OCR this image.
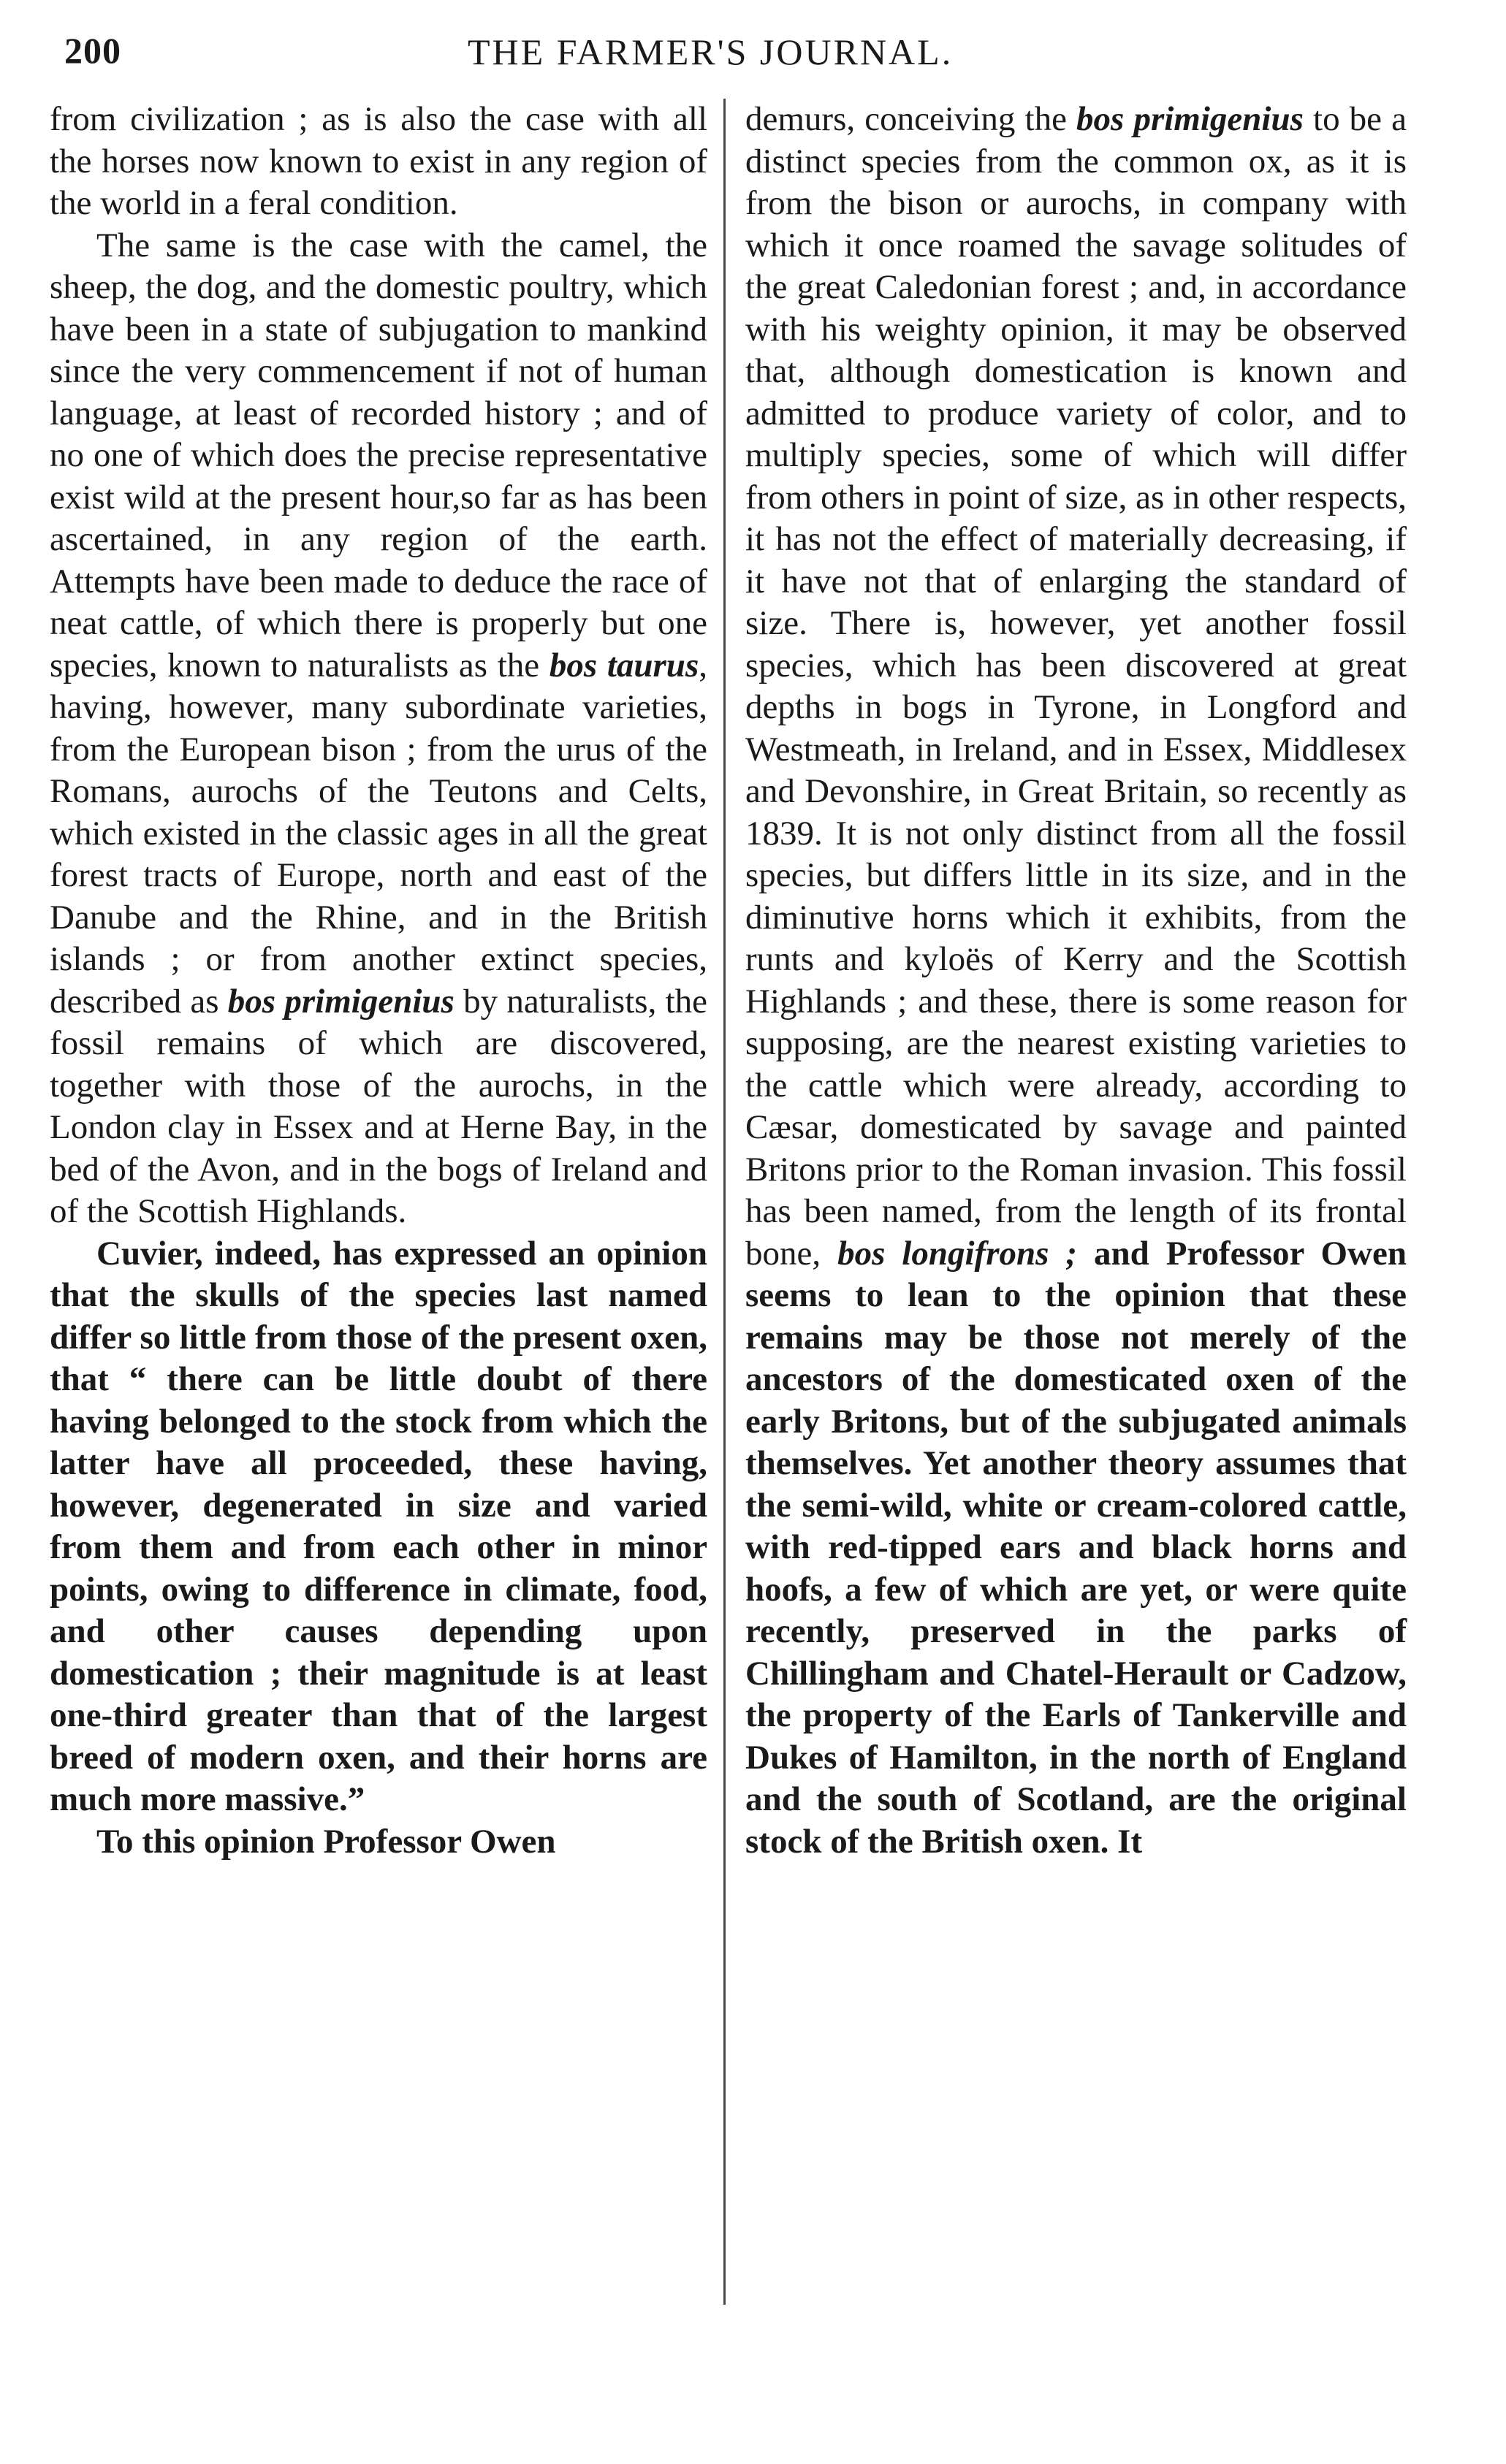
200	THE FARMER'S JOURNAL.

from civilization ; as is also the case with all the horses now known to exist in any region of the world in a feral condition.

The same is the case with the camel, the sheep, the dog, and the domestic poultry, which have been in a state of subjugation to mankind since the very commencement if not of human language, at least of recorded history ; and of no one of which does the precise representative exist wild at the present hour,so far as has been ascertained, in any region of the earth. Attempts have been made to deduce the race of neat cattle, of which there is properly but one species, known to naturalists as the bos taurus, having, however, many subordinate varieties, from the European bison ; from the urus of the Romans, aurochs of the Teutons and Celts, which existed in the classic ages in all the great forest tracts of Europe, north and east of the Danube and the Rhine, and in the British islands ; or from another extinct species, described as bos primigenius by naturalists, the fossil remains of which are discovered, together with those of the aurochs, in the London clay in Essex and at Herne Bay, in the bed of the Avon, and in the bogs of Ireland and of the Scottish Highlands.

Cuvier, indeed, has expressed an opinion that the skulls of the species last named differ so little from those of the present oxen, that “ there can be little doubt of there having belonged to the stock from which the latter have all proceeded, these having, however, degenerated in size and varied from them and from each other in minor points, owing to difference in climate, food, and other causes depending upon domestication ; their magnitude is at least one-third greater than that of the largest breed of modern oxen, and their horns are much more massive.”

To this opinion Professor Owen

demurs, conceiving the bos primigenius to be a distinct species from the common ox, as it is from the bison or aurochs, in company with which it once roamed the savage solitudes of the great Caledonian forest ; and, in accordance with his weighty opinion, it may be observed that, although domestication is known and admitted to produce variety of color, and to multiply species, some of which will differ from others in point of size, as in other respects, it has not the effect of materially decreasing, if it have not that of enlarging the standard of size. There is, however, yet another fossil species, which has been discovered at great depths in bogs in Tyrone, in Longford and Westmeath, in Ireland, and in Essex, Middlesex and Devonshire, in Great Britain, so recently as 1839. It is not only distinct from all the fossil species, but differs little in its size, and in the diminutive horns which it exhibits, from the runts and kyloës of Kerry and the Scottish Highlands ; and these, there is some reason for supposing, are the nearest existing varieties to the cattle which were already, according to Cæsar, domesticated by savage and painted Britons prior to the Roman invasion. This fossil has been named, from the length of its frontal bone, bos longifrons ; and Professor Owen seems to lean to the opinion that these remains may be those not merely of the ancestors of the domesticated oxen of the early Britons, but of the subjugated animals themselves. Yet another theory assumes that the semi-wild, white or cream-colored cattle, with red-tipped ears and black horns and hoofs, a few of which are yet, or were quite recently, preserved in the parks of Chillingham and Chatel-Herault or Cadzow, the property of the Earls of Tankerville and Dukes of Hamilton, in the north of England and the south of Scotland, are the original stock of the British oxen. It
